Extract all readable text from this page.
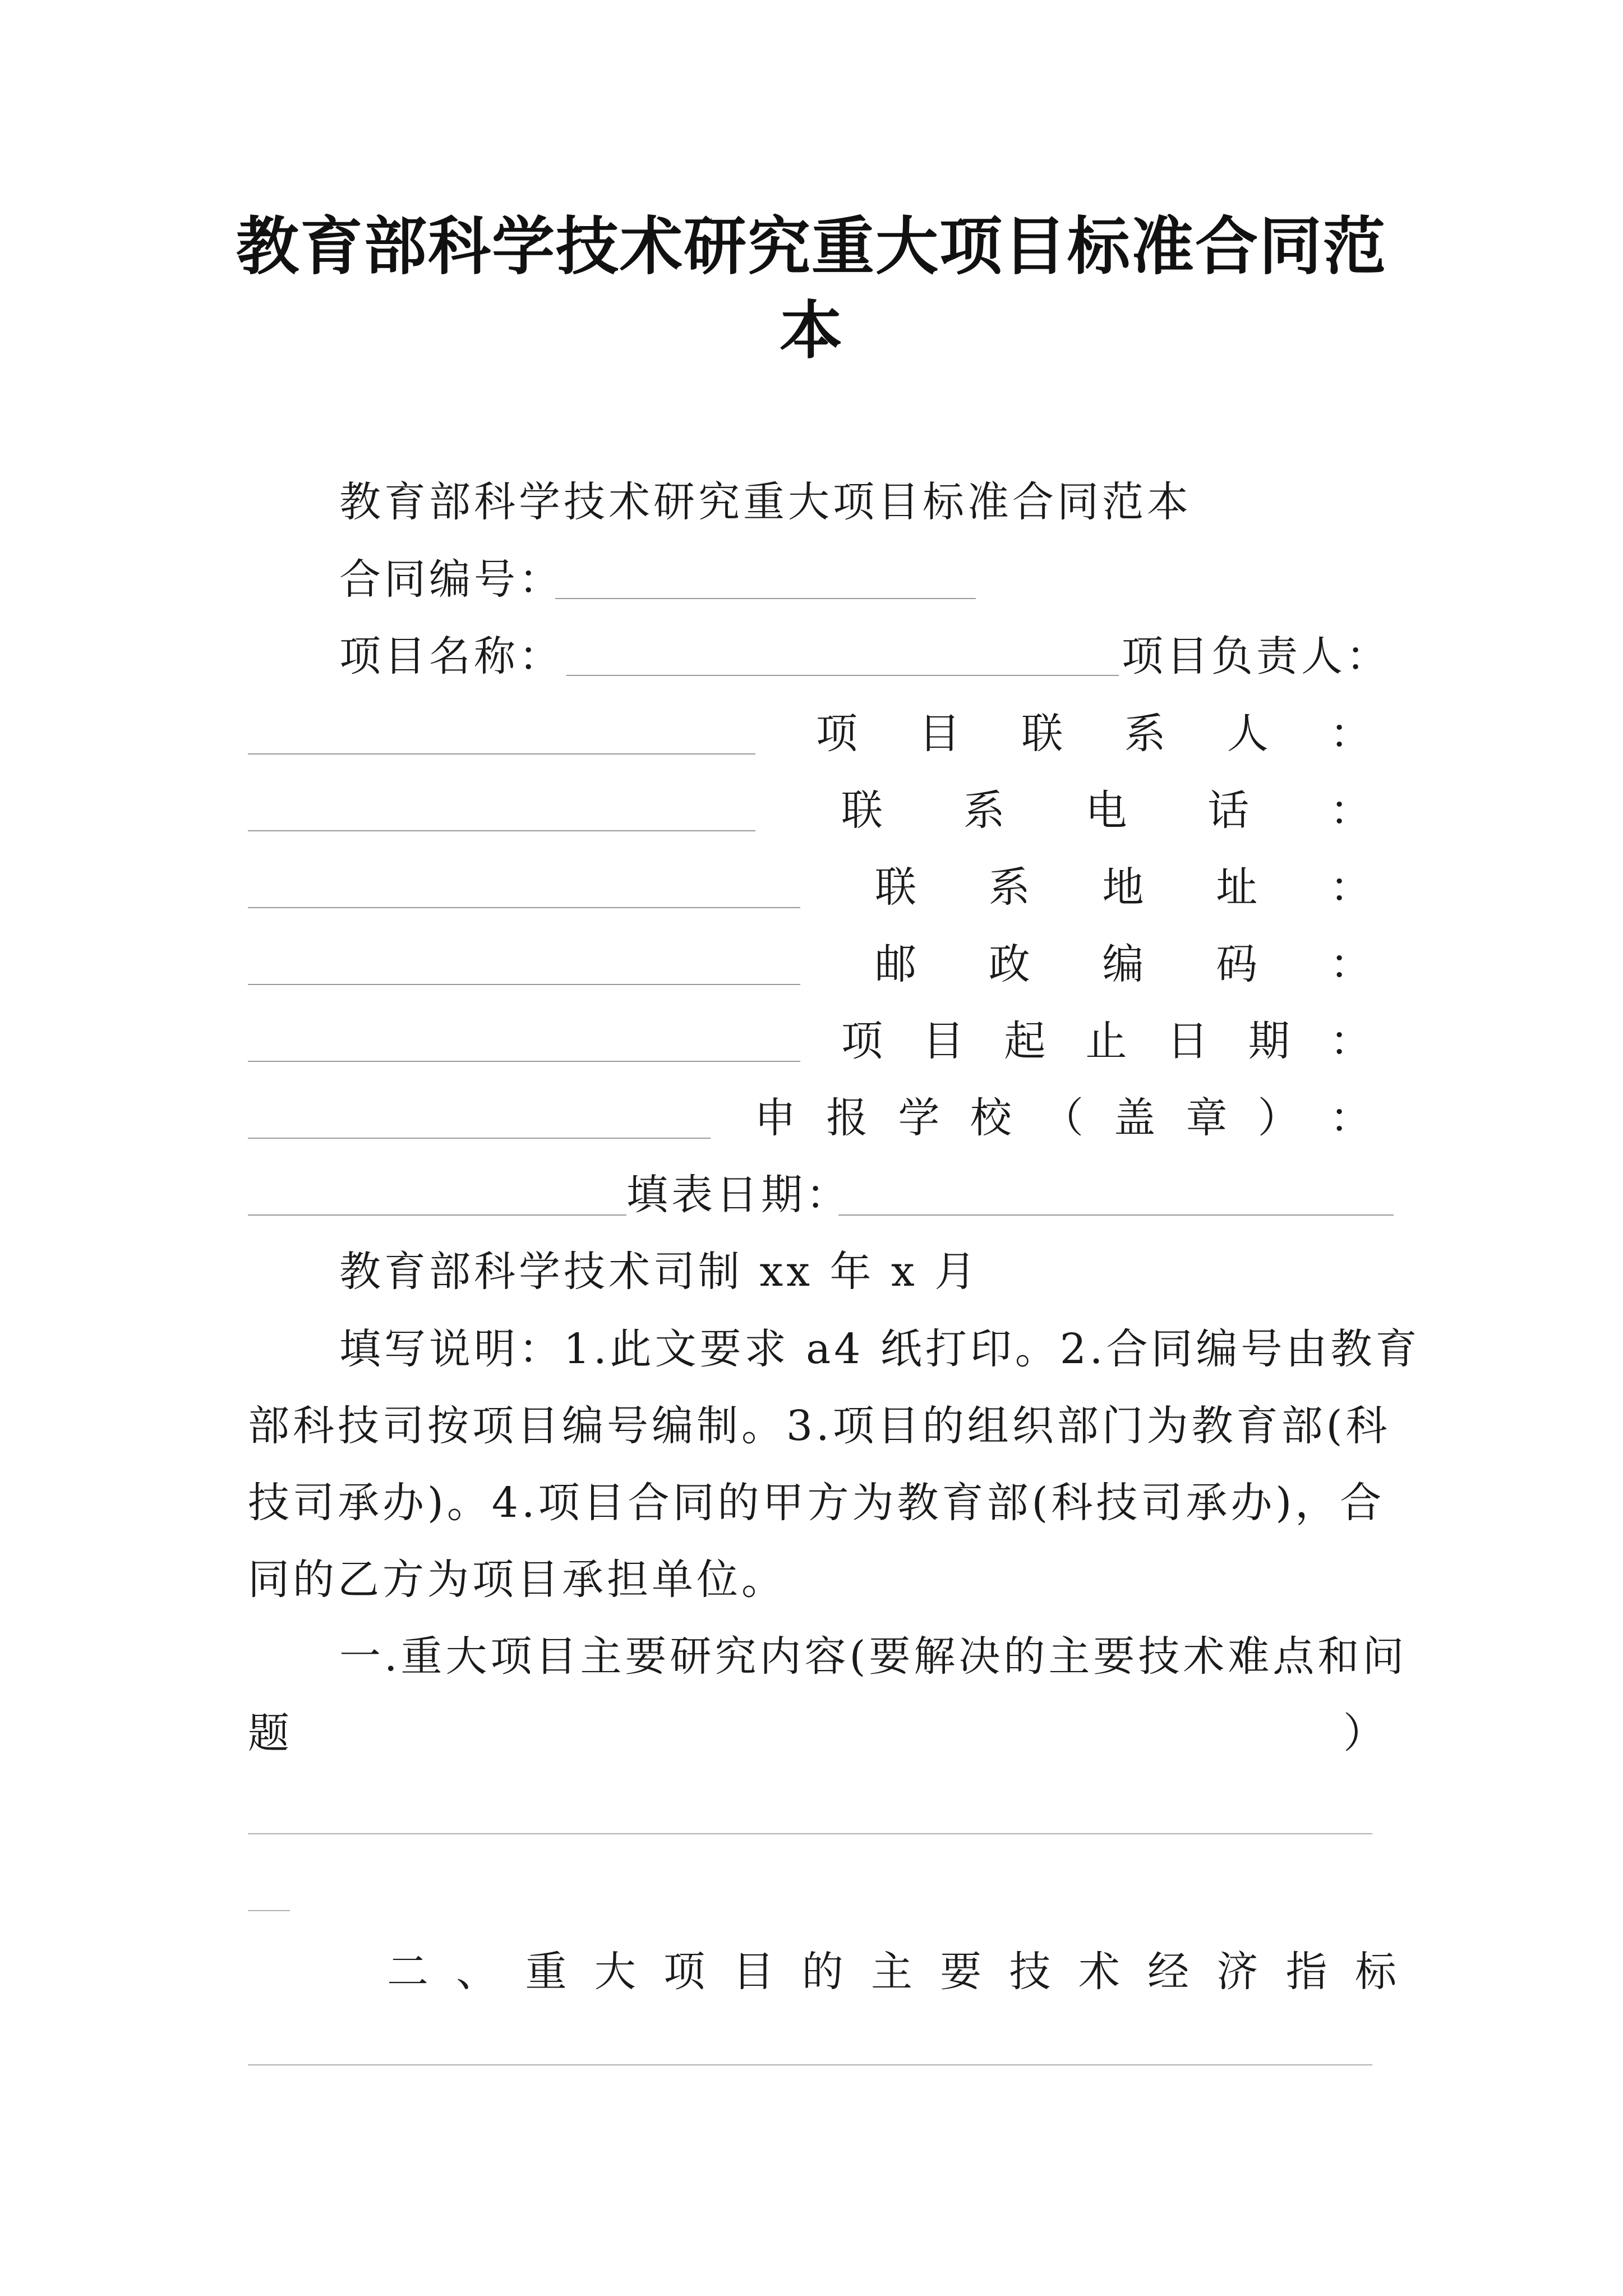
教育部科学技术研究重大项目标准合同范
本
教育部科学技术研究重大项目标准合同范本
合同编号：
项目名称：	项目负责人：
项 目 联 系 人 ：
联 系 电 话 ：
联 系 地 址 ：
邮 政 编 码 ：
项 目 起 止 日 期 ：
申 报 学 校 （ 盖 章 ） ：
填表日期：
教育部科学技术司制 xx 年 x 月
填写说明：1.此文要求 a4 纸打印。2.合同编号由教育
部科技司按项目编号编制。3.项目的组织部门为教育部(科
技司承办)。4.项目合同的甲方为教育部(科技司承办)，合
同的乙方为项目承担单位。
一.重大项目主要研究内容(要解决的主要技术难点和问
题	）
二 、 重 大 项 目 的 主 要 技 术 经 济 指 标
